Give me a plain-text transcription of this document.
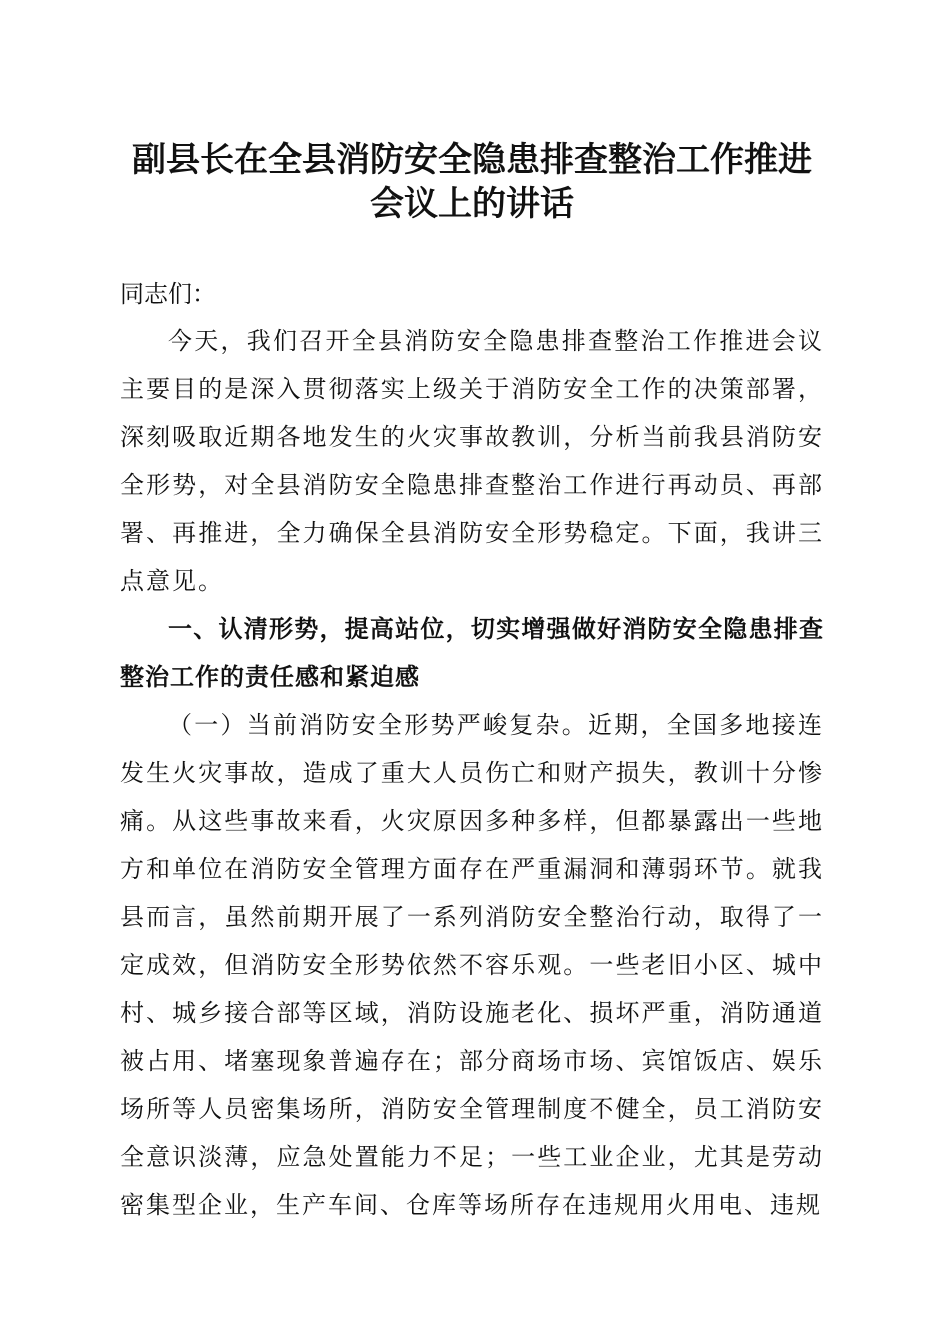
副县长在全县消防安全隐患排查整治工作推进会议上的讲话

同志们：

今天，我们召开全县消防安全隐患排查整治工作推进会议主要目的是深入贯彻落实上级关于消防安全工作的决策部署，深刻吸取近期各地发生的火灾事故教训，分析当前我县消防安全形势，对全县消防安全隐患排查整治工作进行再动员、再部署、再推进，全力确保全县消防安全形势稳定。下面，我讲三点意见。

一、认清形势，提高站位，切实增强做好消防安全隐患排查整治工作的责任感和紧迫感

（一）当前消防安全形势严峻复杂。近期，全国多地接连发生火灾事故，造成了重大人员伤亡和财产损失，教训十分惨痛。从这些事故来看，火灾原因多种多样，但都暴露出一些地方和单位在消防安全管理方面存在严重漏洞和薄弱环节。就我县而言，虽然前期开展了一系列消防安全整治行动，取得了一定成效，但消防安全形势依然不容乐观。一些老旧小区、城中村、城乡接合部等区域，消防设施老化、损坏严重，消防通道被占用、堵塞现象普遍存在；部分商场市场、宾馆饭店、娱乐场所等人员密集场所，消防安全管理制度不健全，员工消防安全意识淡薄，应急处置能力不足；一些工业企业，尤其是劳动密集型企业，生产车间、仓库等场所存在违规用火用电、违规
